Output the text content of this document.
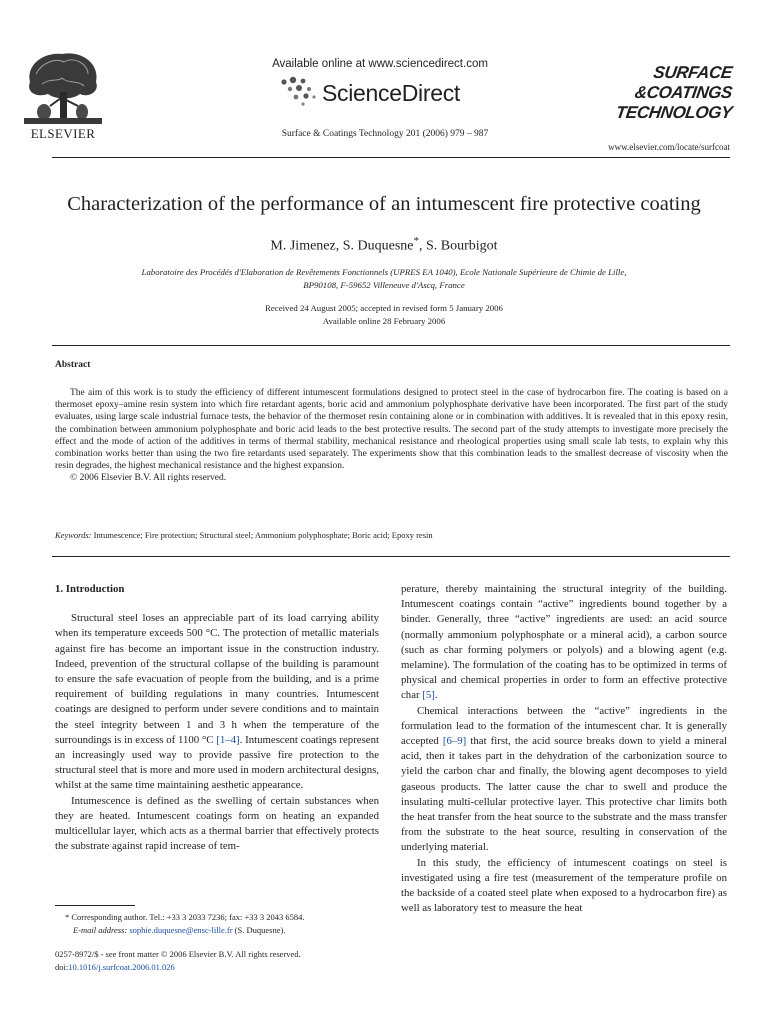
ELSEVIER
Available online at www.sciencedirect.com
ScienceDirect
Surface & Coatings Technology 201 (2006) 979 – 987
SURFACE
&COATINGS
TECHNOLOGY
www.elsevier.com/locate/surfcoat
Characterization of the performance of an intumescent fire protective coating
M. Jimenez, S. Duquesne*, S. Bourbigot
Laboratoire des Procédés d'Elaboration de Revêtements Fonctionnels (UPRES EA 1040), Ecole Nationale Supérieure de Chimie de Lille,
BP90108, F-59652 Villeneuve d'Ascq, France
Received 24 August 2005; accepted in revised form 5 January 2006
Available online 28 February 2006
Abstract

The aim of this work is to study the efficiency of different intumescent formulations designed to protect steel in the case of hydrocarbon fire. The coating is based on a thermoset epoxy–amine resin system into which fire retardant agents, boric acid and ammonium polyphosphate derivative have been incorporated. The first part of the study evaluates, using large scale industrial furnace tests, the behavior of the thermoset resin containing alone or in combination with additives. It is revealed that in this epoxy resin, the combination between ammonium polyphosphate and boric acid leads to the best protective results. The second part of the study attempts to investigate more precisely the effect and the mode of action of the additives in terms of thermal stability, mechanical resistance and rheological properties using small scale lab tests, to explain why this combination works better than using the two fire retardants used separately. The experiments show that this combination leads to the smallest decrease of viscosity when the resin degrades, the highest mechanical resistance and the highest expansion.

© 2006 Elsevier B.V. All rights reserved.

Keywords: Intumescence; Fire protection; Structural steel; Ammonium polyphosphate; Boric acid; Epoxy resin

1. Introduction

Structural steel loses an appreciable part of its load carrying ability when its temperature exceeds 500 °C. The protection of metallic materials against fire has become an important issue in the construction industry. Indeed, prevention of the structural collapse of the building is paramount to ensure the safe evacuation of people from the building, and is a prime requirement of building regulations in many countries. Intumescent coatings are designed to perform under severe conditions and to maintain the steel integrity between 1 and 3 h when the temperature of the surroundings is in excess of 1100 °C [1–4]. Intumescent coatings represent an increasingly used way to provide passive fire protection to the structural steel that is more and more used in modern architectural designs, whilst at the same time maintaining aesthetic appearance.

Intumescence is defined as the swelling of certain substances when they are heated. Intumescent coatings form on heating an expanded multicellular layer, which acts as a thermal barrier that effectively protects the substrate against rapid increase of tem-

perature, thereby maintaining the structural integrity of the building. Intumescent coatings contain “active” ingredients bound together by a binder. Generally, three “active” ingredients are used: an acid source (normally ammonium polyphosphate or a mineral acid), a carbon source (such as char forming polymers or polyols) and a blowing agent (e.g. melamine). The formulation of the coating has to be optimized in terms of physical and chemical properties in order to form an effective protective char [5].

Chemical interactions between the “active” ingredients in the formulation lead to the formation of the intumescent char. It is generally accepted [6–9] that first, the acid source breaks down to yield a mineral acid, then it takes part in the dehydration of the carbonization source to yield the carbon char and finally, the blowing agent decomposes to yield gaseous products. The latter cause the char to swell and produce the insulating multi-cellular protective layer. This protective char limits both the heat transfer from the heat source to the substrate and the mass transfer from the substrate to the heat source, resulting in conservation of the underlying material.

In this study, the efficiency of intumescent coatings on steel is investigated using a fire test (measurement of the temperature profile on the backside of a coated steel plate when exposed to a hydrocarbon fire) as well as laboratory test to measure the heat

* Corresponding author. Tel.: +33 3 2033 7236; fax: +33 3 2043 6584.

E-mail address: sophie.duquesne@ensc-lille.fr (S. Duquesne).

0257-8972/$ - see front matter © 2006 Elsevier B.V. All rights reserved.

doi:10.1016/j.surfcoat.2006.01.026
